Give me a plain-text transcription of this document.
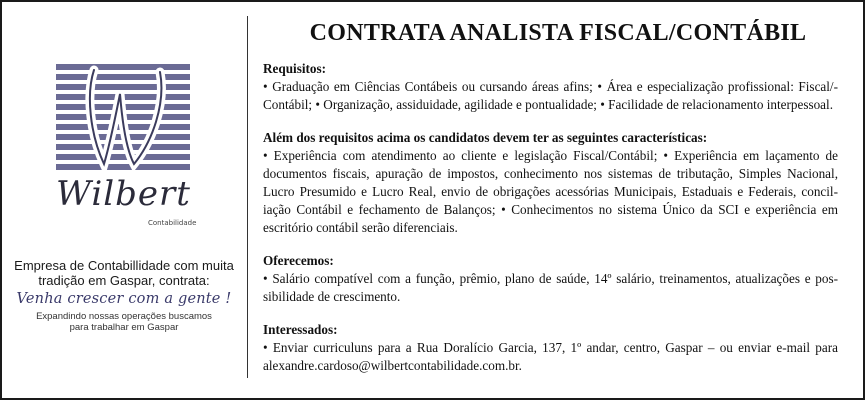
Wilbert
Contabilidade
Empresa de Contabillidade com muita
tradição em Gaspar, contrata:
Venha crescer com a gente !
Expandindo nossas operações buscamos
para trabalhar em Gaspar
CONTRATA ANALISTA FISCAL/CONTÁBIL

Requisitos:
• Graduação em Ciências Contábeis ou cursando áreas afins; • Área e especialização profissional: Fiscal/-Contábil; • Organização, assiduidade, agilidade e pontualidade; • Facilidade de relacionamento interpessoal.

Além dos requisitos acima os candidatos devem ter as seguintes características:
• Experiência com atendimento ao cliente e legislação Fiscal/Contábil; • Experiência em laçamento de documentos fiscais, apuração de impostos, conhecimento nos sistemas de tributação, Simples Nacional, Lucro Presumido e Lucro Real, envio de obrigações acessórias Municipais, Estaduais e Federais, concil-iação Contábil e fechamento de Balanços; • Conhecimentos no sistema Único da SCI e experiência em escritório contábil serão diferenciais.

Oferecemos:
• Salário compatível com a função, prêmio, plano de saúde, 14º salário, treinamentos, atualizações e pos-sibilidade de crescimento.

Interessados:
• Enviar curriculuns para a Rua Doralício Garcia, 137, 1º andar, centro, Gaspar – ou enviar e-mail para alexandre.cardoso@wilbertcontabilidade.com.br.
